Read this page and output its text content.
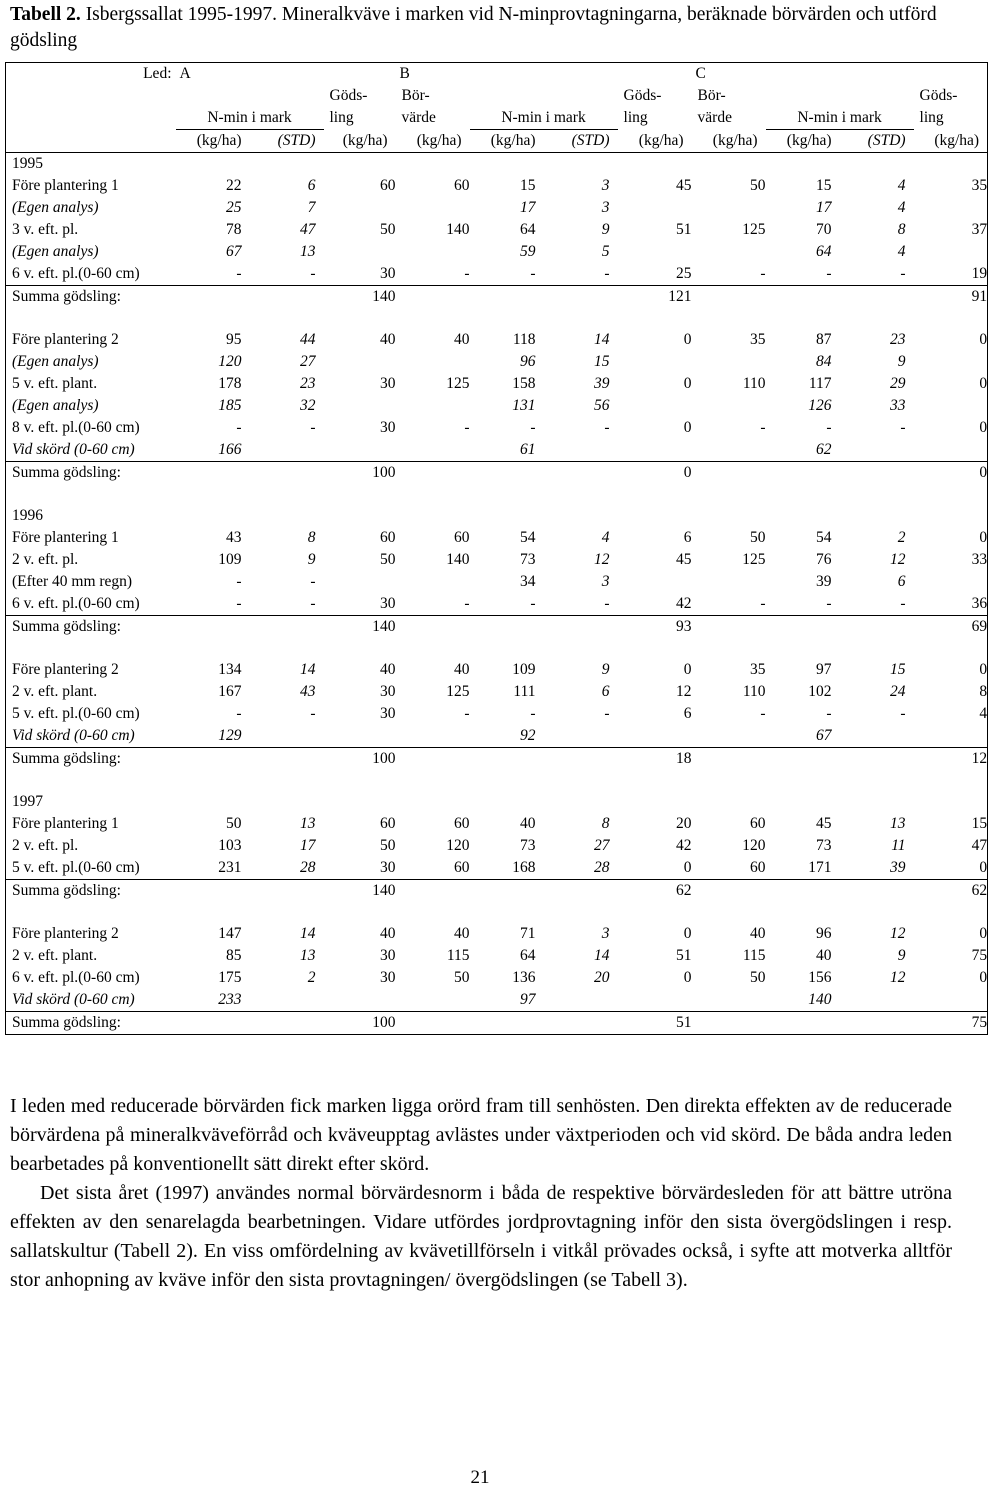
Tabell 2. Isbergssallat 1995-1997. Mineralkväve i marken vid N-minprovtagningarna, beräknade börvärden och utförd gödsling
Led:	A			B				C			
			Göds-	Bör-			Göds-	Bör-			Göds-
	N-min i mark		ling	värde	N-min i mark		ling	värde	N-min i mark		ling
	(kg/ha)	(STD)	(kg/ha)	(kg/ha)	(kg/ha)	(STD)	(kg/ha)	(kg/ha)	(kg/ha)	(STD)	(kg/ha)
1995											
Före plantering 1	22	6	60	60	15	3	45	50	15	4	35
(Egen analys)	25	7			17	3			17	4	
3 v. eft. pl.	78	47	50	140	64	9	51	125	70	8	37
(Egen analys)	67	13			59	5			64	4	
6 v. eft. pl.(0-60 cm)	-	-	30	-	-	-	25	-	-	-	19
Summa gödsling:			140				121				91

Före plantering 2	95	44	40	40	118	14	0	35	87	23	0
(Egen analys)	120	27			96	15			84	9	
5 v. eft. plant.	178	23	30	125	158	39	0	110	117	29	0
(Egen analys)	185	32			131	56			126	33	
8 v. eft. pl.(0-60 cm)	-	-	30	-	-	-	0	-	-	-	0
Vid skörd (0-60 cm)	166				61				62		
Summa gödsling:			100				0				0

1996											
Före plantering 1	43	8	60	60	54	4	6	50	54	2	0
2 v. eft. pl.	109	9	50	140	73	12	45	125	76	12	33
(Efter 40 mm regn)	-	-			34	3			39	6	
6 v. eft. pl.(0-60 cm)	-	-	30	-	-	-	42	-	-	-	36
Summa gödsling:			140				93				69

Före plantering 2	134	14	40	40	109	9	0	35	97	15	0
2 v. eft. plant.	167	43	30	125	111	6	12	110	102	24	8
5 v. eft. pl.(0-60 cm)	-	-	30	-	-	-	6	-	-	-	4
Vid skörd (0-60 cm)	129				92				67		
Summa gödsling:			100				18				12

1997											
Före plantering 1	50	13	60	60	40	8	20	60	45	13	15
2 v. eft. pl.	103	17	50	120	73	27	42	120	73	11	47
5 v. eft. pl.(0-60 cm)	231	28	30	60	168	28	0	60	171	39	0
Summa gödsling:			140				62				62

Före plantering 2	147	14	40	40	71	3	0	40	96	12	0
2 v. eft. plant.	85	13	30	115	64	14	51	115	40	9	75
6 v. eft. pl.(0-60 cm)	175	2	30	50	136	20	0	50	156	12	0
Vid skörd (0-60 cm)	233				97				140		
Summa gödsling:			100				51				75

I leden med reducerade börvärden fick marken ligga orörd fram till senhösten. Den direkta effekten av de reducerade börvärdena på mineralkväveförråd och kväveupptag avlästes under växtperioden och vid skörd. De båda andra leden bearbetades på konventionellt sätt direkt efter skörd.

Det sista året (1997) användes normal börvärdesnorm i båda de respektive börvärdesleden för att bättre utröna effekten av den senarelagda bearbetningen. Vidare utfördes jordprovtagning inför den sista övergödslingen i resp. sallatskultur (Tabell 2). En viss omfördelning av kvävetillförseln i vitkål prövades också, i syfte att motverka alltför stor anhopning av kväve inför den sista provtagningen/ övergödslingen (se Tabell 3).

21
